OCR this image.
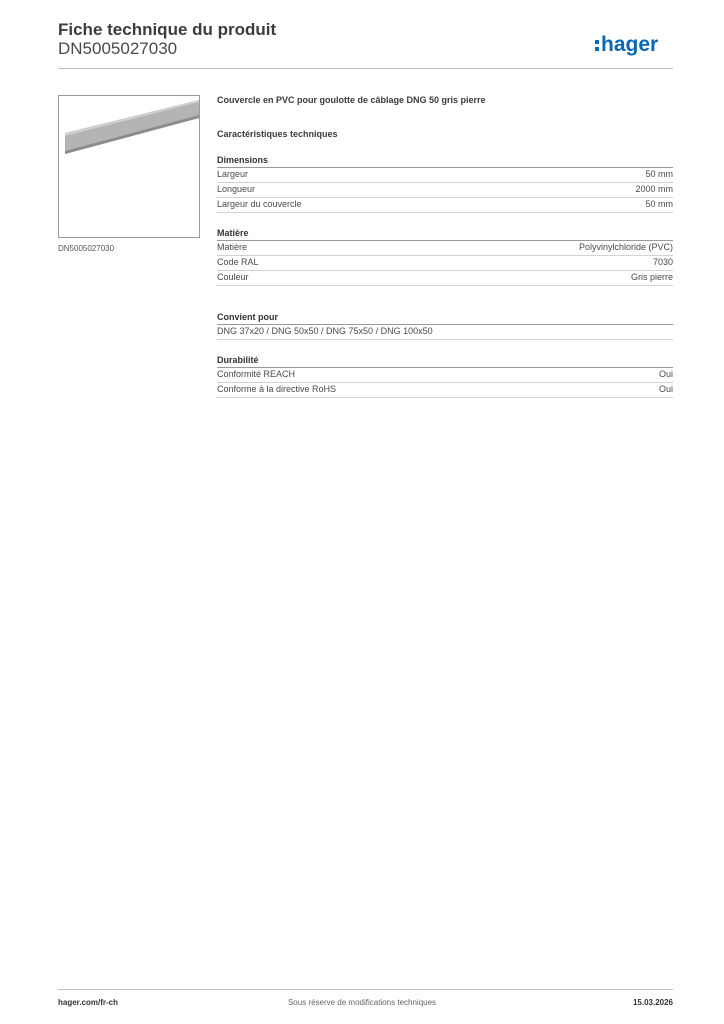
Fiche technique du produit
DN5005027030	hager
DN5005027030
Couvercle en PVC pour goulotte de câblage DNG 50 gris pierre
Caractéristiques techniques
Dimensions
Largeur	50 mm
Longueur	2000 mm
Largeur du couvercle	50 mm
Matière
Matière	Polyvinylchloride (PVC)
Code RAL	7030
Couleur	Gris pierre
Convient pour
DNG 37x20 / DNG 50x50 / DNG 75x50 / DNG 100x50
Durabilité
Conformité REACH	Oui
Conforme à la directive RoHS	Oui
hager.com/fr-ch	Sous réserve de modifications techniques	15.03.2026
